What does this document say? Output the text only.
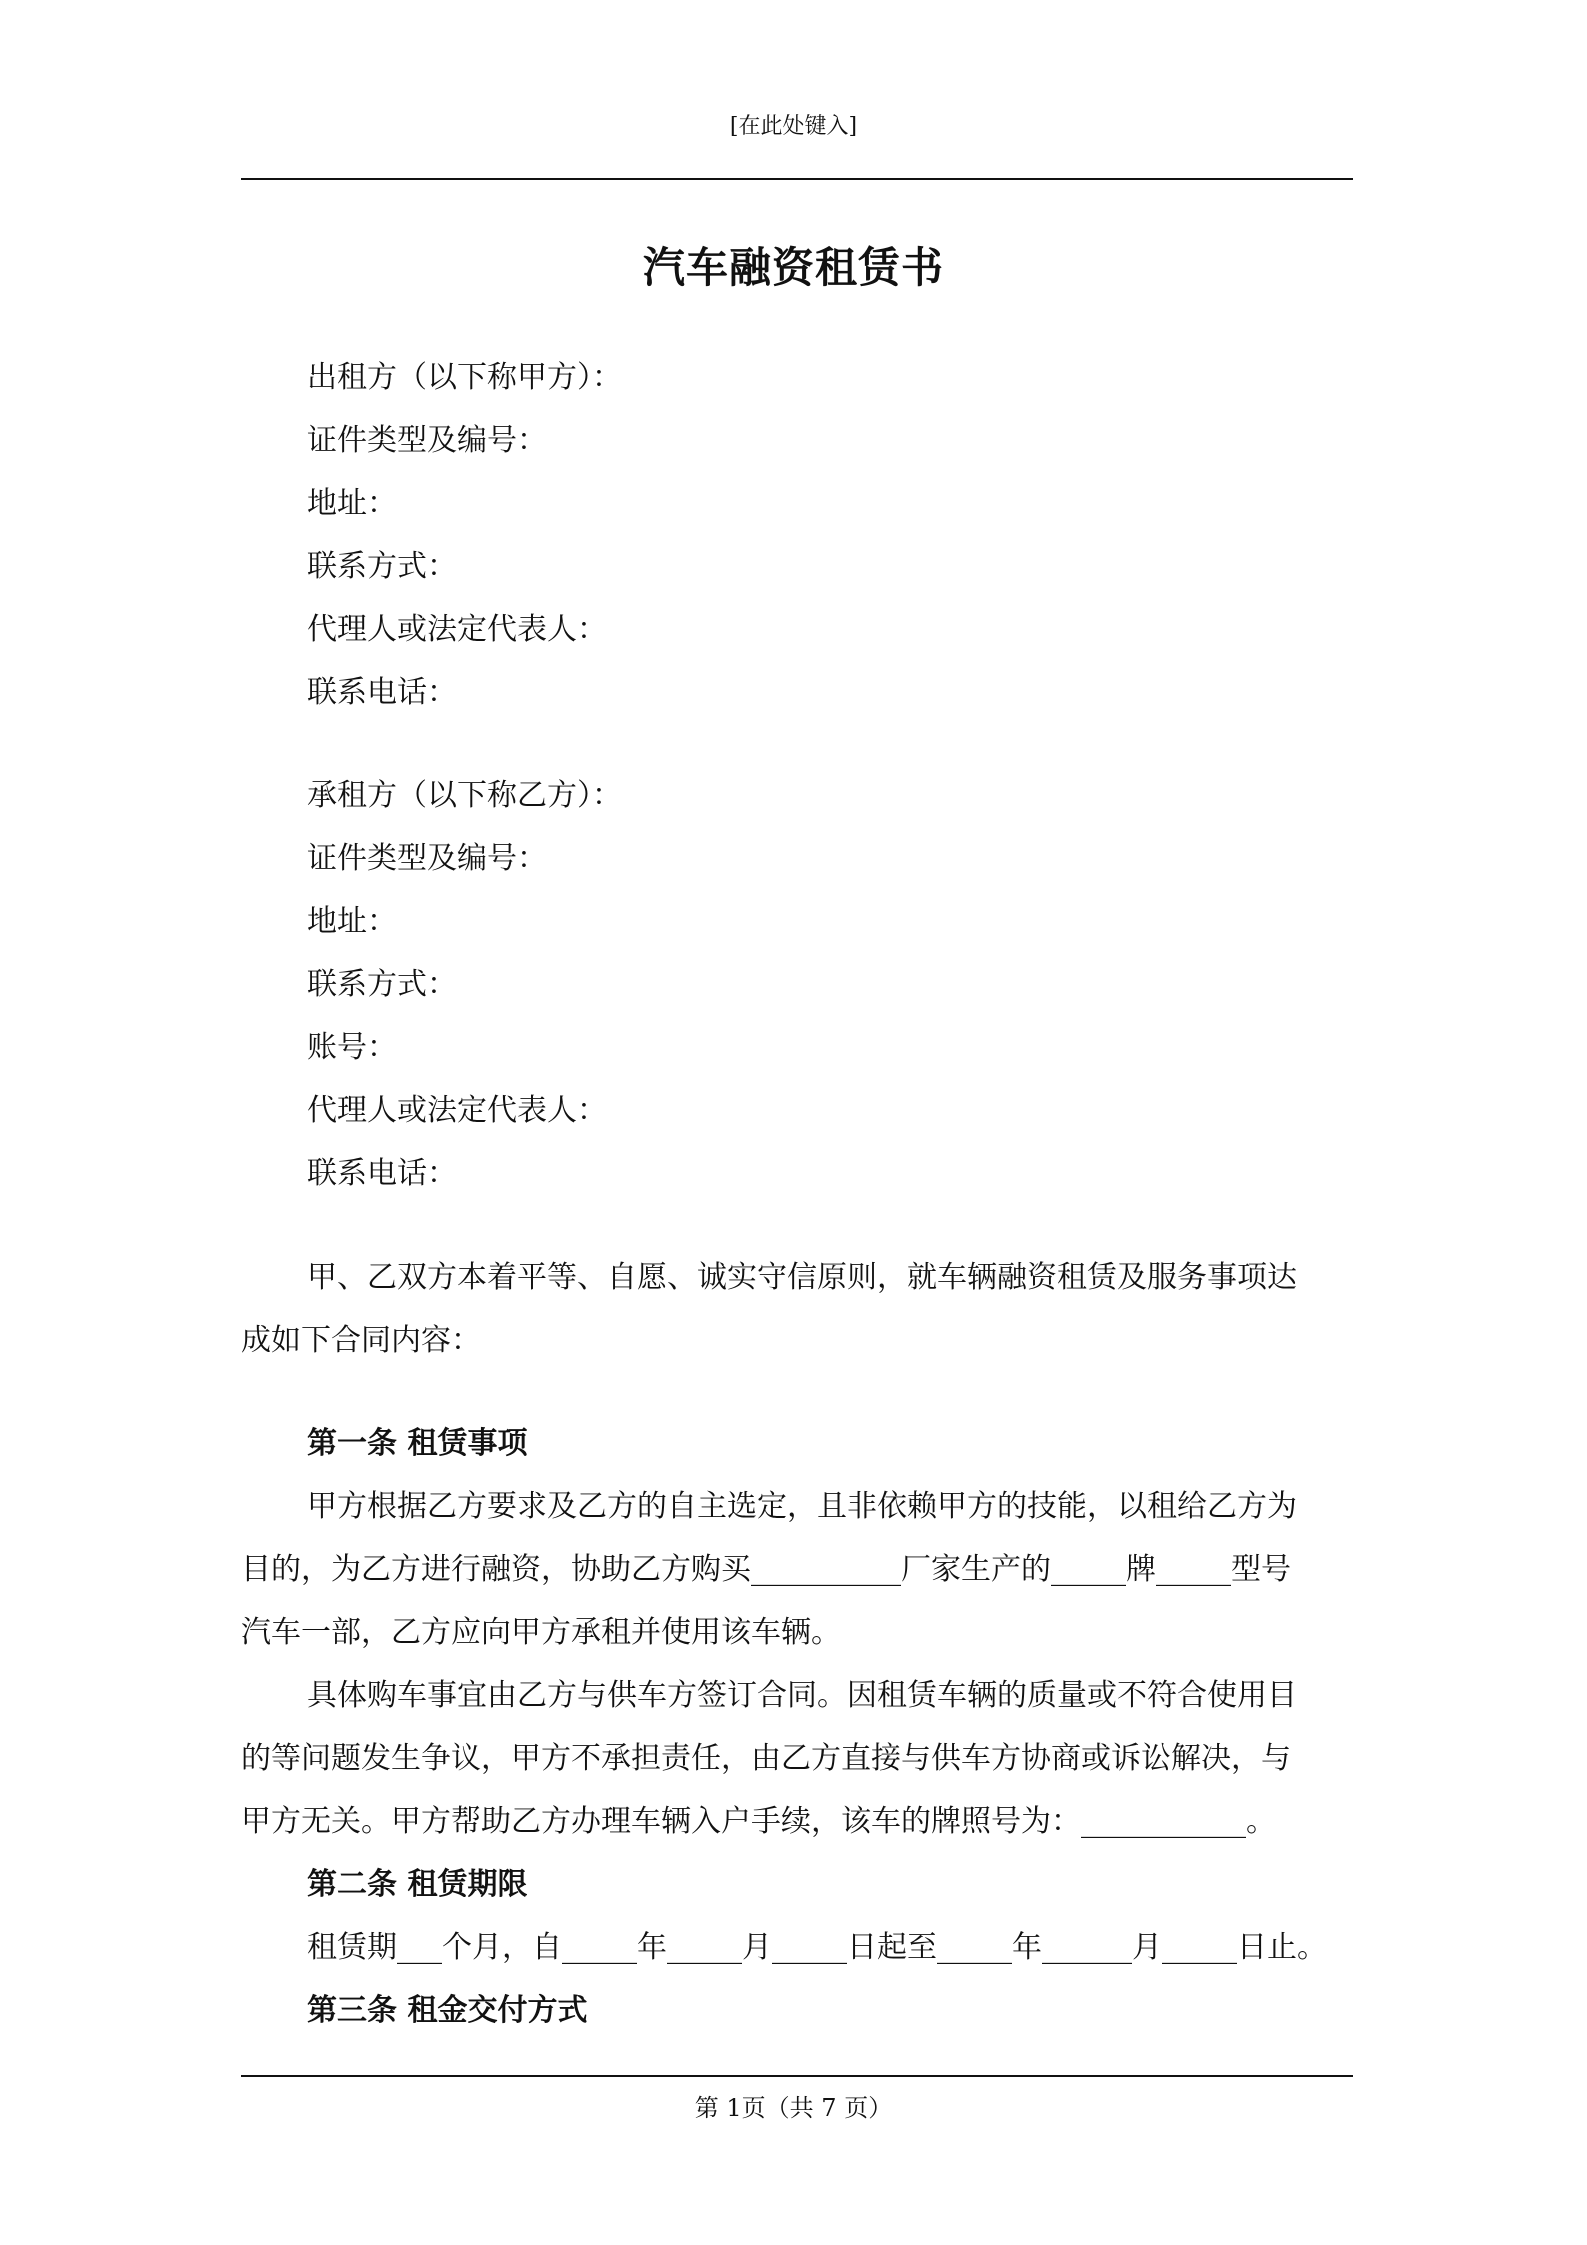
[在此处键入]
汽车融资租赁书
出租方（以下称甲方）：
证件类型及编号：
地址：
联系方式：
代理人或法定代表人：
联系电话：
承租方（以下称乙方）：
证件类型及编号：
地址：
联系方式：
账号：
代理人或法定代表人：
联系电话：
甲、乙双方本着平等、自愿、诚实守信原则，就车辆融资租赁及服务事项达
成如下合同内容：
第一条 租赁事项
甲方根据乙方要求及乙方的自主选定，且非依赖甲方的技能，以租给乙方为
目的，为乙方进行融资，协助乙方购买__________厂家生产的_____牌_____型号
汽车一部，乙方应向甲方承租并使用该车辆。
具体购车事宜由乙方与供车方签订合同。因租赁车辆的质量或不符合使用目
的等问题发生争议，甲方不承担责任，由乙方直接与供车方协商或诉讼解决，与
甲方无关。甲方帮助乙方办理车辆入户手续，该车的牌照号为：___________。
第二条 租赁期限
租赁期___个月，自_____年_____月_____日起至_____年______月_____日止。
第三条 租金交付方式
第 1页（共 7 页）
